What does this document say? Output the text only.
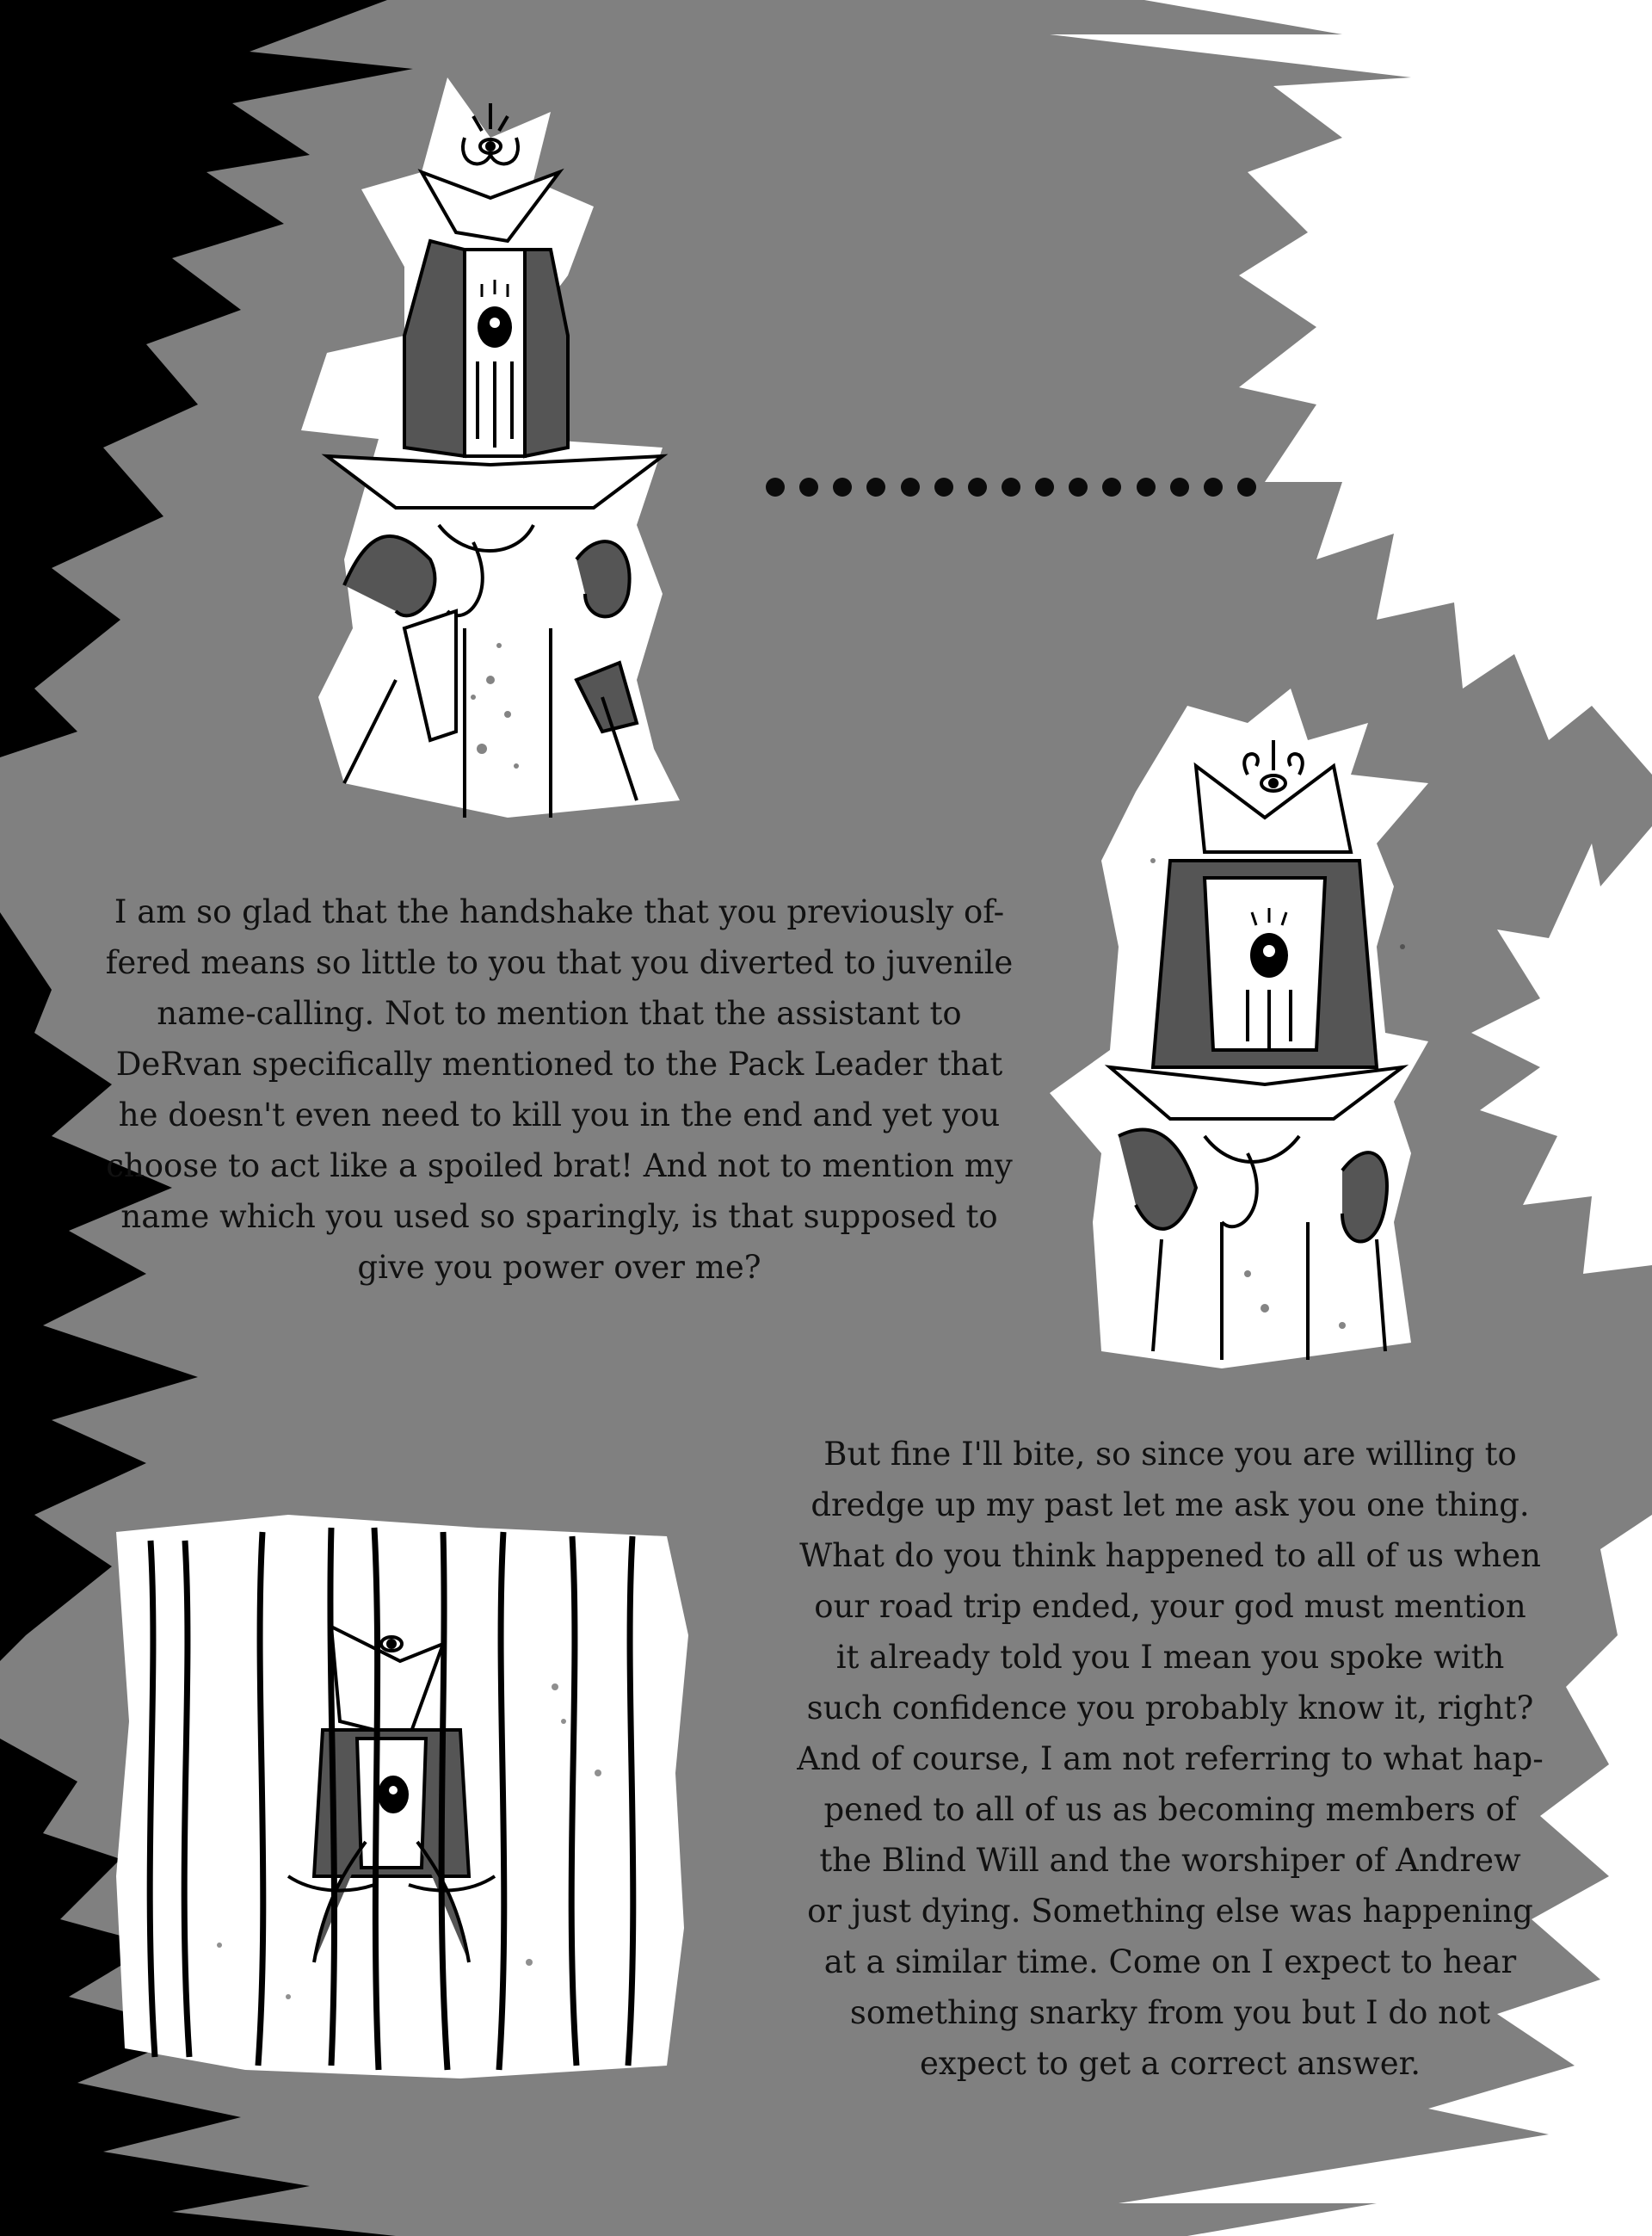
I am so glad that the handshake that you previously of-
fered means so little to you that you diverted to juvenile
name-calling. Not to mention that the assistant to
DeRvan specifically mentioned to the Pack Leader that
he doesn't even need to kill you in the end and yet you
choose to act like a spoiled brat! And not to mention my
name which you used so sparingly, is that supposed to
give you power over me?
But fine I'll bite, so since you are willing to
dredge up my past let me ask you one thing.
What do you think happened to all of us when
our road trip ended, your god must mention
it already told you I mean you spoke with
such confidence you probably know it, right?
And of course, I am not referring to what hap-
pened to all of us as becoming members of
the Blind Will and the worshiper of Andrew
or just dying. Something else was happening
at a similar time. Come on I expect to hear
something snarky from you but I do not
expect to get a correct answer.
